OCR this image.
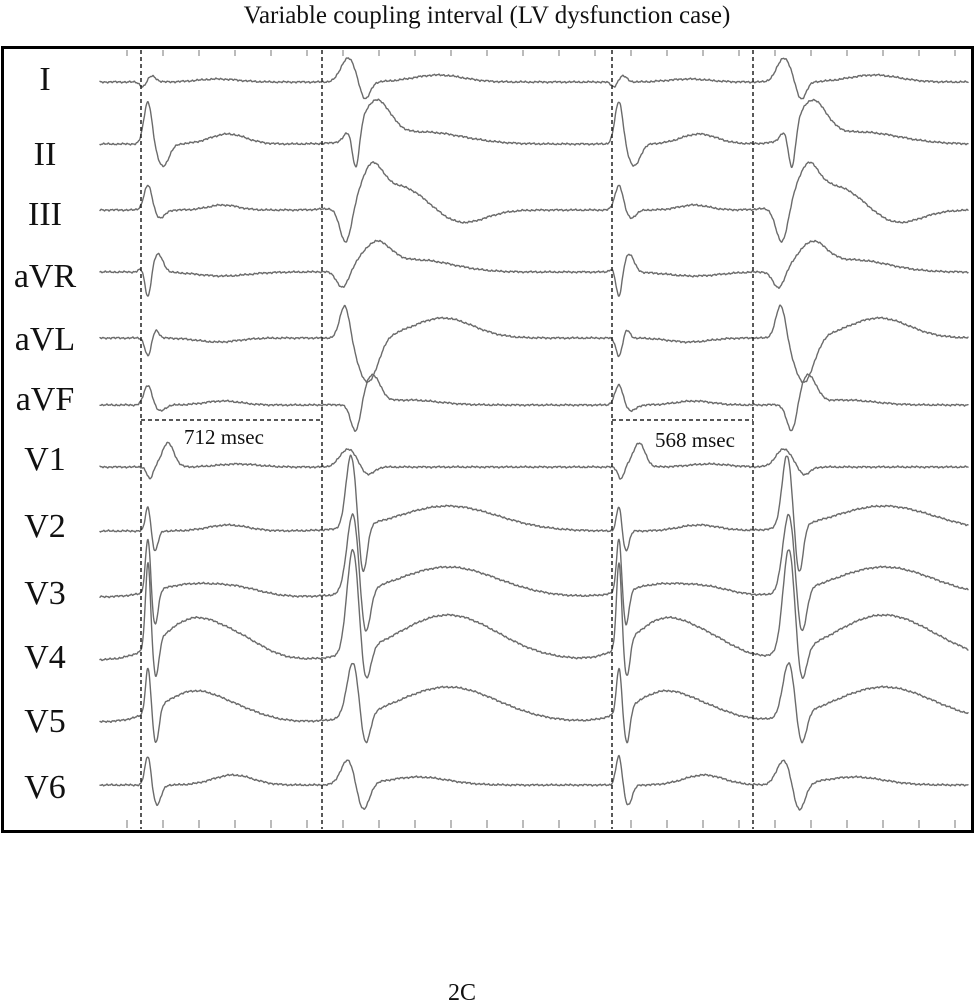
Variable coupling interval (LV dysfunction case)
I
II
III
aVR
aVL
aVF
V1
V2
V3
V4
V5
V6
712 msec	568 msec
2C
